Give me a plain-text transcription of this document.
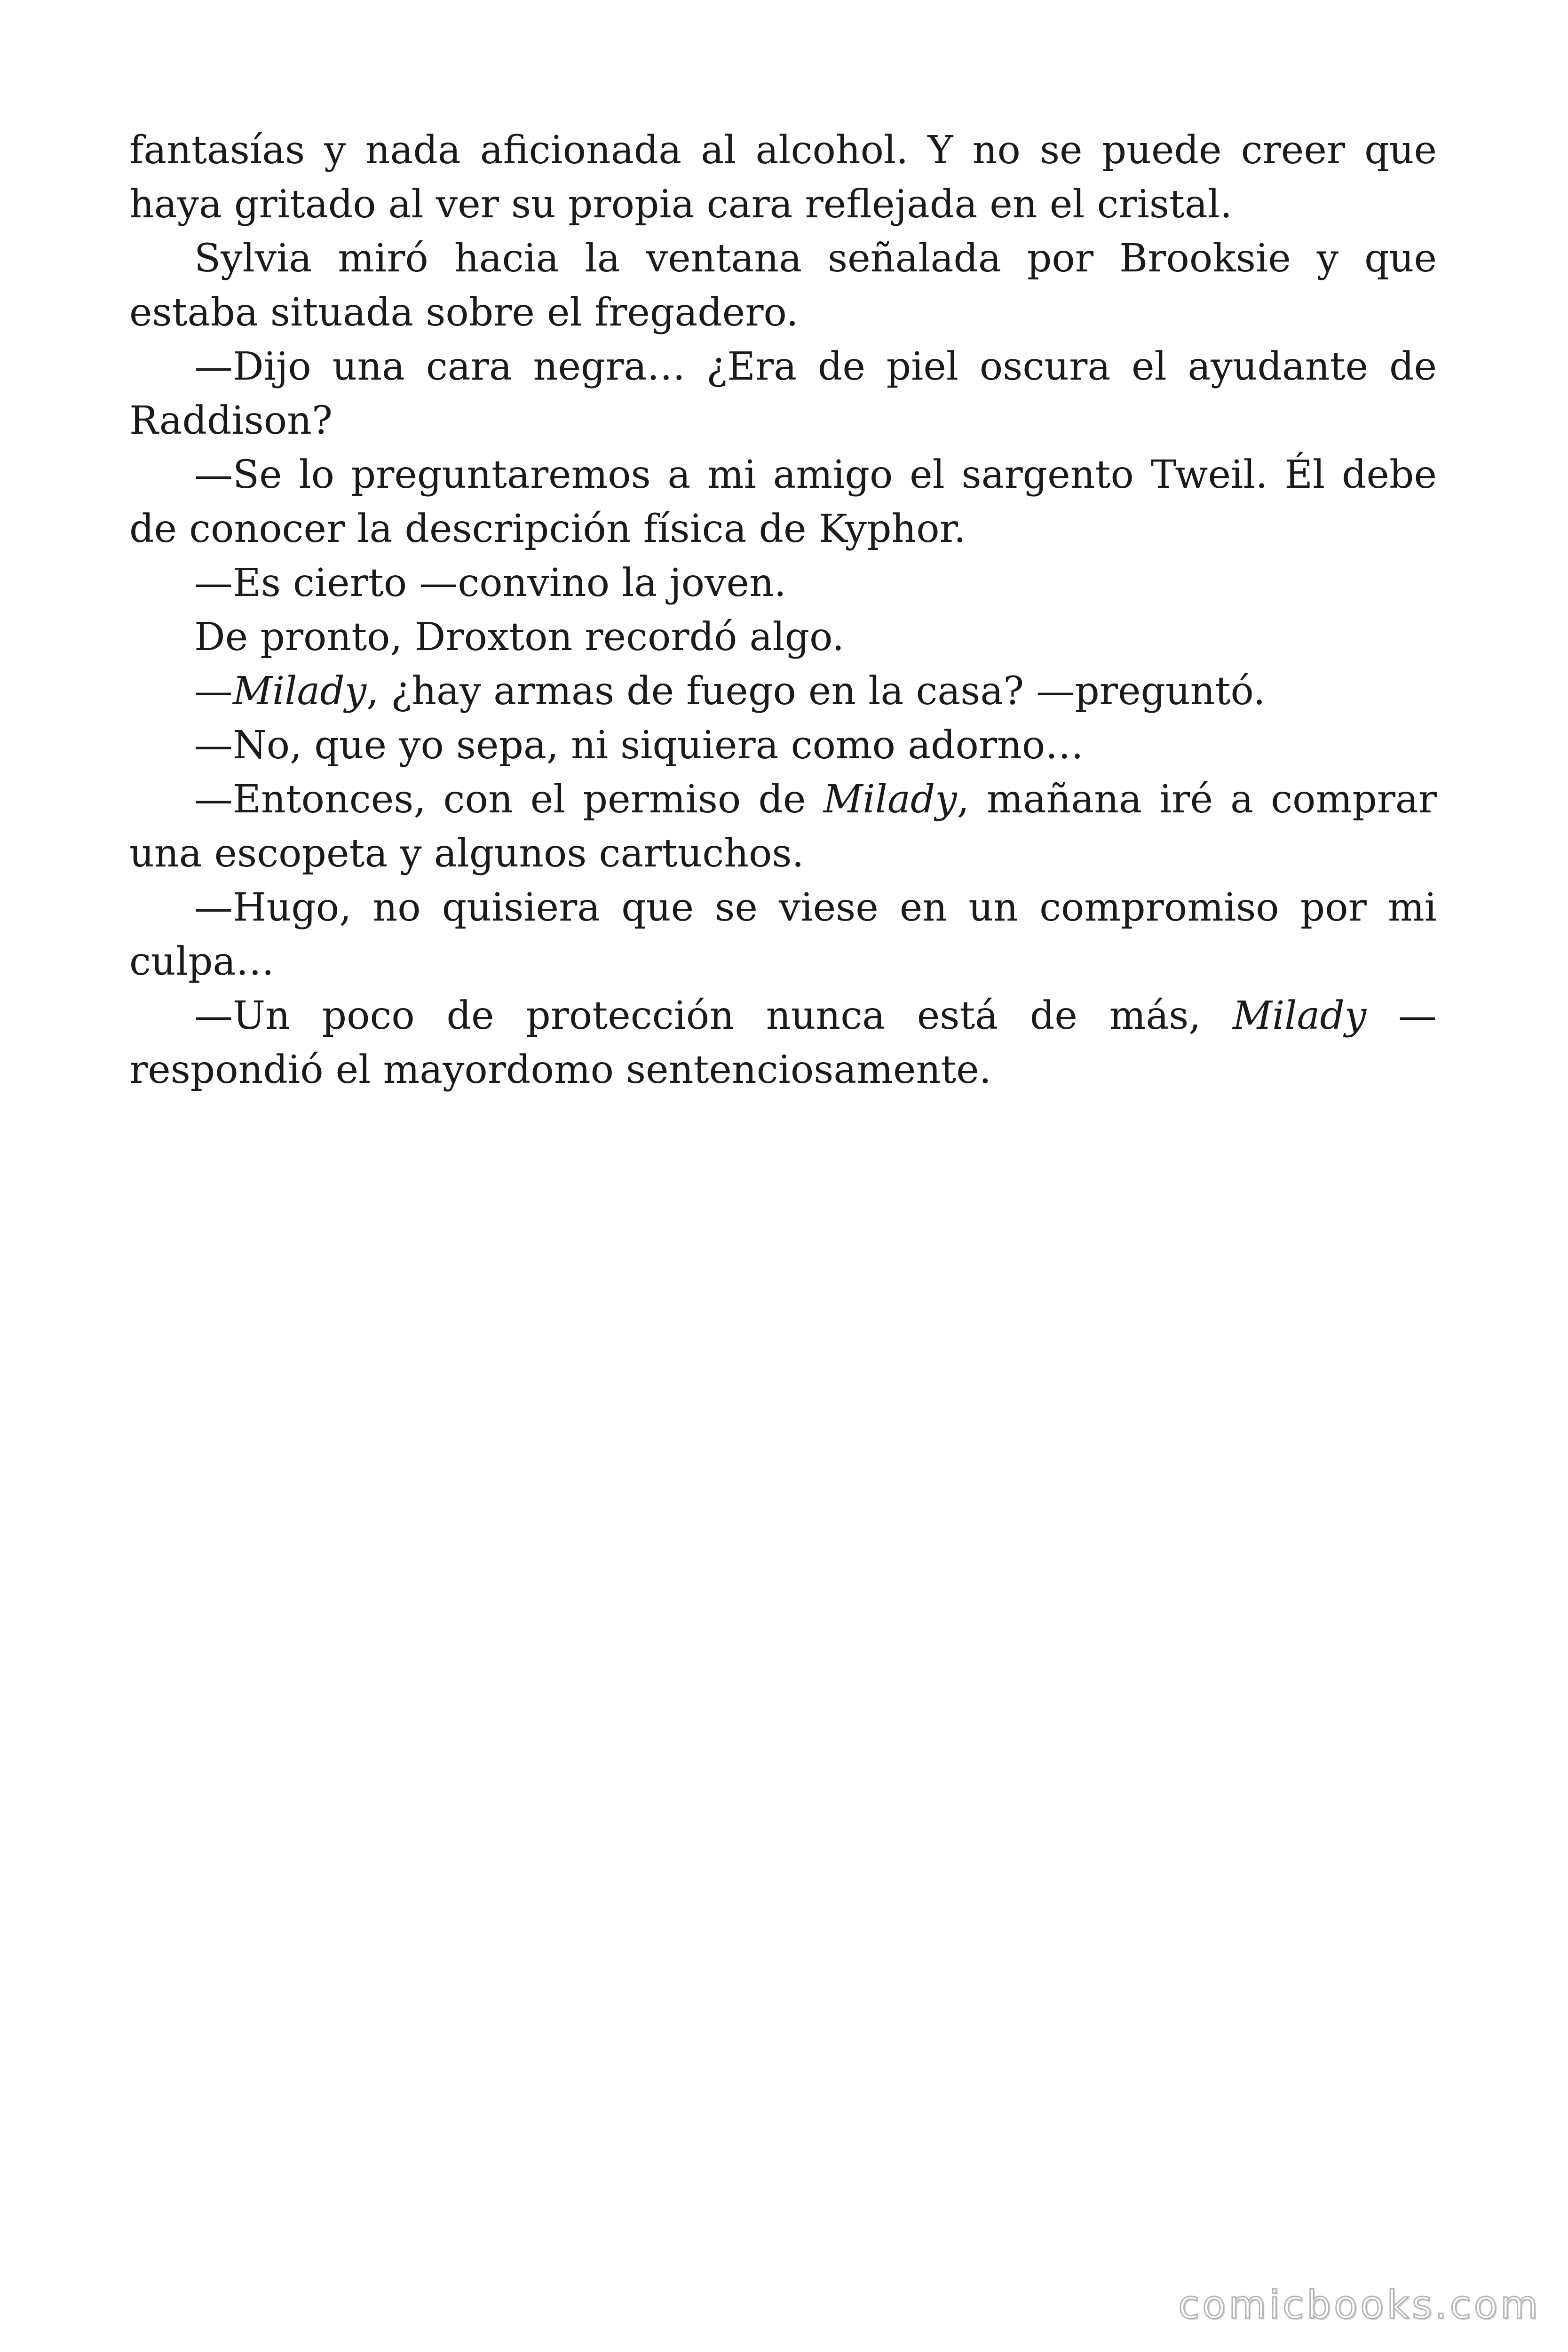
fantasías y nada aficionada al alcohol. Y no se puede creer que haya gritado al ver su propia cara reflejada en el cristal.

Sylvia miró hacia la ventana señalada por Brooksie y que estaba situada sobre el fregadero.

—Dijo una cara negra… ¿Era de piel oscura el ayudante de Raddison?

—Se lo preguntaremos a mi amigo el sargento Tweil. Él debe de conocer la descripción física de Kyphor.

—Es cierto —convino la joven.

De pronto, Droxton recordó algo.

—Milady, ¿hay armas de fuego en la casa? —preguntó.

—No, que yo sepa, ni siquiera como adorno…

—Entonces, con el permiso de Milady, mañana iré a comprar una escopeta y algunos cartuchos.

—Hugo, no quisiera que se viese en un compromiso por mi culpa…

—Un poco de protección nunca está de más, Milady —respondió el mayordomo sentenciosamente.

comicbooks.com
